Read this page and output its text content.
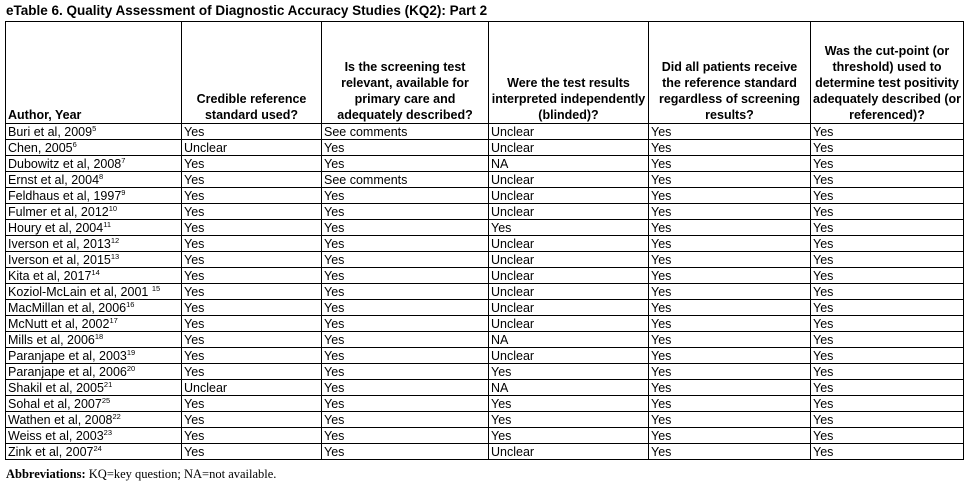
eTable 6. Quality Assessment of Diagnostic Accuracy Studies (KQ2): Part 2
Author, Year	Credible reference standard used?	Is the screening test relevant, available for primary care and adequately described?	Were the test results interpreted independently (blinded)?	Did all patients receive the reference standard regardless of screening results?	Was the cut-point (or threshold) used to determine test positivity adequately described (or referenced)?
Buri et al, 2009$^5$	Yes	See comments	Unclear	Yes	Yes
Chen, 2005$^6$	Unclear	Yes	Unclear	Yes	Yes
Dubowitz et al, 2008$^7$	Yes	Yes	NA	Yes	Yes
Ernst et al, 2004$^8$	Yes	See comments	Unclear	Yes	Yes
Feldhaus et al, 1997$^9$	Yes	Yes	Unclear	Yes	Yes
Fulmer et al, 2012$^{10}$	Yes	Yes	Unclear	Yes	Yes
Houry et al, 2004$^{11}$	Yes	Yes	Yes	Yes	Yes
Iverson et al, 2013$^{12}$	Yes	Yes	Unclear	Yes	Yes
Iverson et al, 2015$^{13}$	Yes	Yes	Unclear	Yes	Yes
Kita et al, 2017$^{14}$	Yes	Yes	Unclear	Yes	Yes
Koziol-McLain et al, 2001 $^{15}$	Yes	Yes	Unclear	Yes	Yes
MacMillan et al, 2006$^{16}$	Yes	Yes	Unclear	Yes	Yes
McNutt et al, 2002$^{17}$	Yes	Yes	Unclear	Yes	Yes
Mills et al, 2006$^{18}$	Yes	Yes	NA	Yes	Yes
Paranjape et al, 2003$^{19}$	Yes	Yes	Unclear	Yes	Yes
Paranjape et al, 2006$^{20}$	Yes	Yes	Yes	Yes	Yes
Shakil et al, 2005$^{21}$	Unclear	Yes	NA	Yes	Yes
Sohal et al, 2007$^{25}$	Yes	Yes	Yes	Yes	Yes
Wathen et al, 2008$^{22}$	Yes	Yes	Yes	Yes	Yes
Weiss et al, 2003$^{23}$	Yes	Yes	Yes	Yes	Yes
Zink et al, 2007$^{24}$	Yes	Yes	Unclear	Yes	Yes
Abbreviations: KQ=key question; NA=not available.
